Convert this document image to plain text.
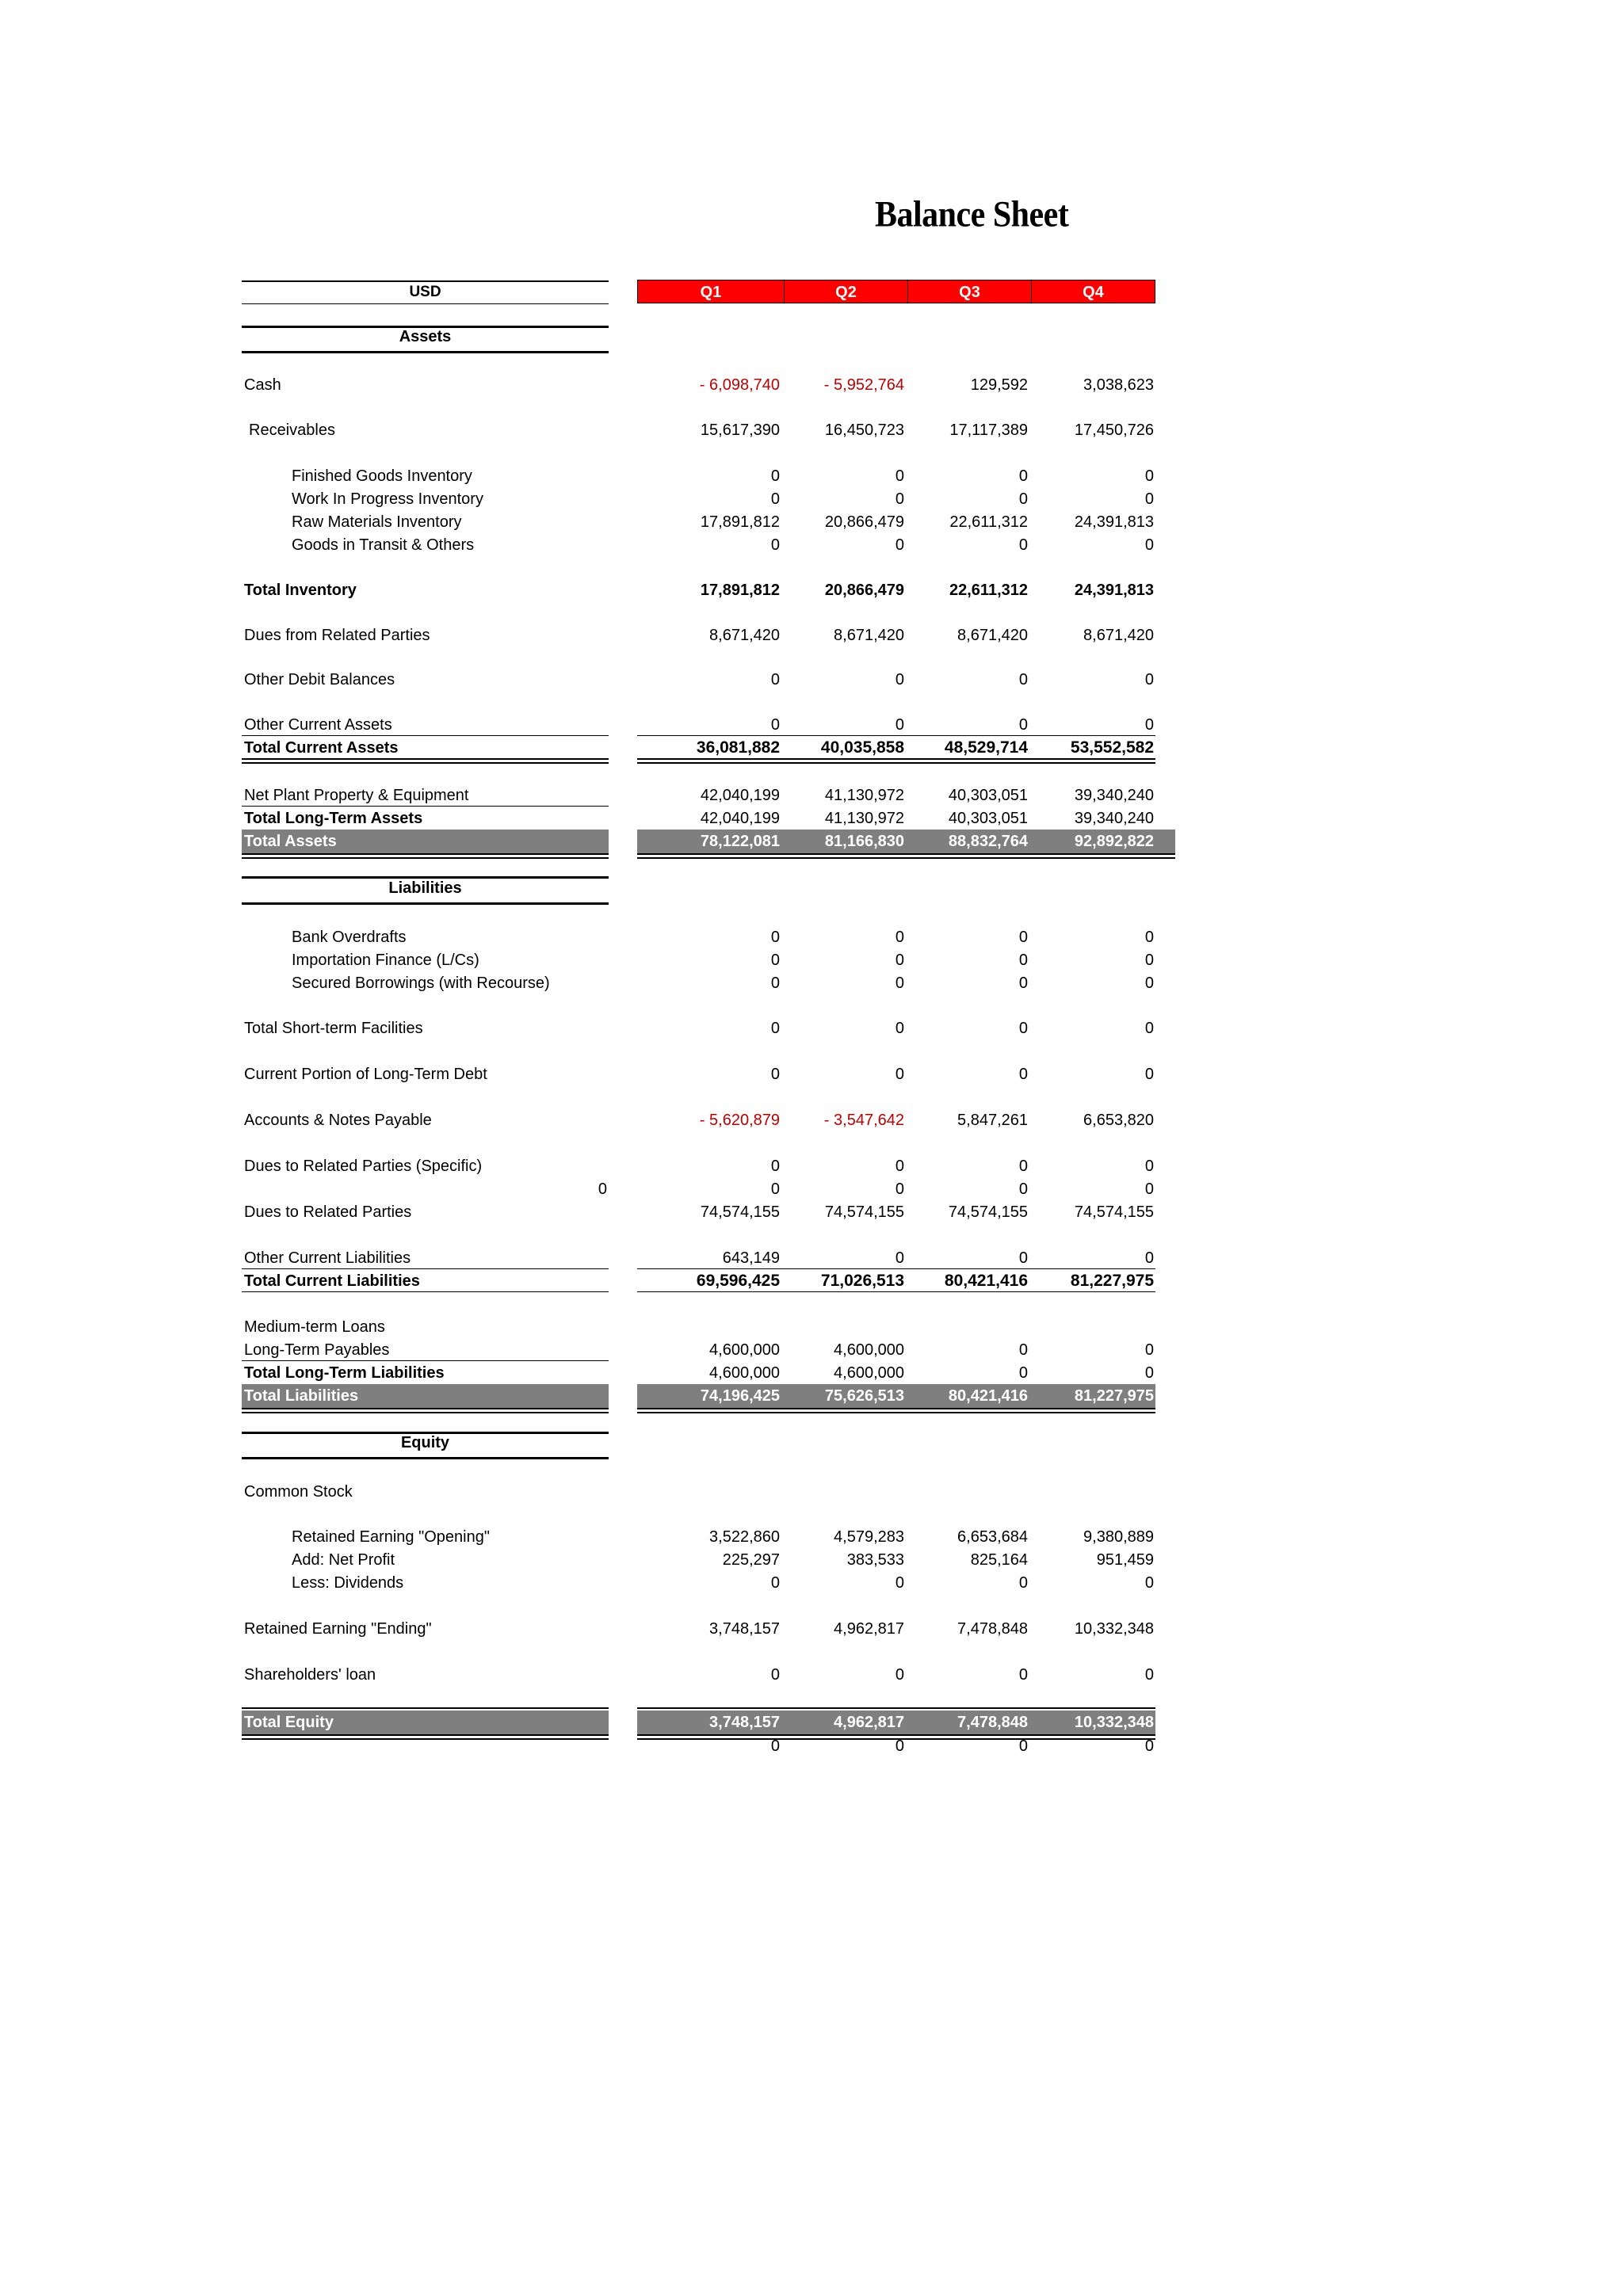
Balance Sheet
USD	Q1	Q2	Q3	Q4
Assets
Cash	- 6,098,740	- 5,952,764	129,592	3,038,623
Receivables	15,617,390	16,450,723	17,117,389	17,450,726
Finished Goods Inventory	0	0	0	0
Work In Progress Inventory	0	0	0	0
Raw Materials Inventory	17,891,812	20,866,479	22,611,312	24,391,813
Goods in Transit & Others	0	0	0	0
Total Inventory	17,891,812	20,866,479	22,611,312	24,391,813
Dues from Related Parties	8,671,420	8,671,420	8,671,420	8,671,420
Other Debit Balances	0	0	0	0
Other Current Assets	0	0	0	0
Total Current Assets	36,081,882	40,035,858	48,529,714	53,552,582
Net Plant Property & Equipment	42,040,199	41,130,972	40,303,051	39,340,240
Total Long-Term Assets	42,040,199	41,130,972	40,303,051	39,340,240
Total Assets	78,122,081	81,166,830	88,832,764	92,892,822
Bank Overdrafts	0	0	0	0
Importation Finance (L/Cs)	0	0	0	0
Secured Borrowings (with Recourse)	0	0	0	0
Total Short-term Facilities	0	0	0	0
Current Portion of Long-Term Debt	0	0	0	0
Accounts & Notes Payable	- 5,620,879	- 3,547,642	5,847,261	6,653,820
Dues to Related Parties (Specific)	0	0	0	0
0	0	0	0	0
Dues to Related Parties	74,574,155	74,574,155	74,574,155	74,574,155
Other Current Liabilities	643,149	0	0	0
Total Current Liabilities	69,596,425	71,026,513	80,421,416	81,227,975
Medium-term Loans
Long-Term Payables	4,600,000	4,600,000	0	0
Total Long-Term Liabilities	4,600,000	4,600,000	0	0
Total Liabilities	74,196,425	75,626,513	80,421,416	81,227,975
Common Stock
Retained Earning "Opening"	3,522,860	4,579,283	6,653,684	9,380,889
Add: Net Profit	225,297	383,533	825,164	951,459
Less: Dividends	0	0	0	0
Retained Earning "Ending"	3,748,157	4,962,817	7,478,848	10,332,348
Shareholders' loan	0	0	0	0
Total Equity	3,748,157	4,962,817	7,478,848	10,332,348
0	0	0	0
Liabilities
Equity
